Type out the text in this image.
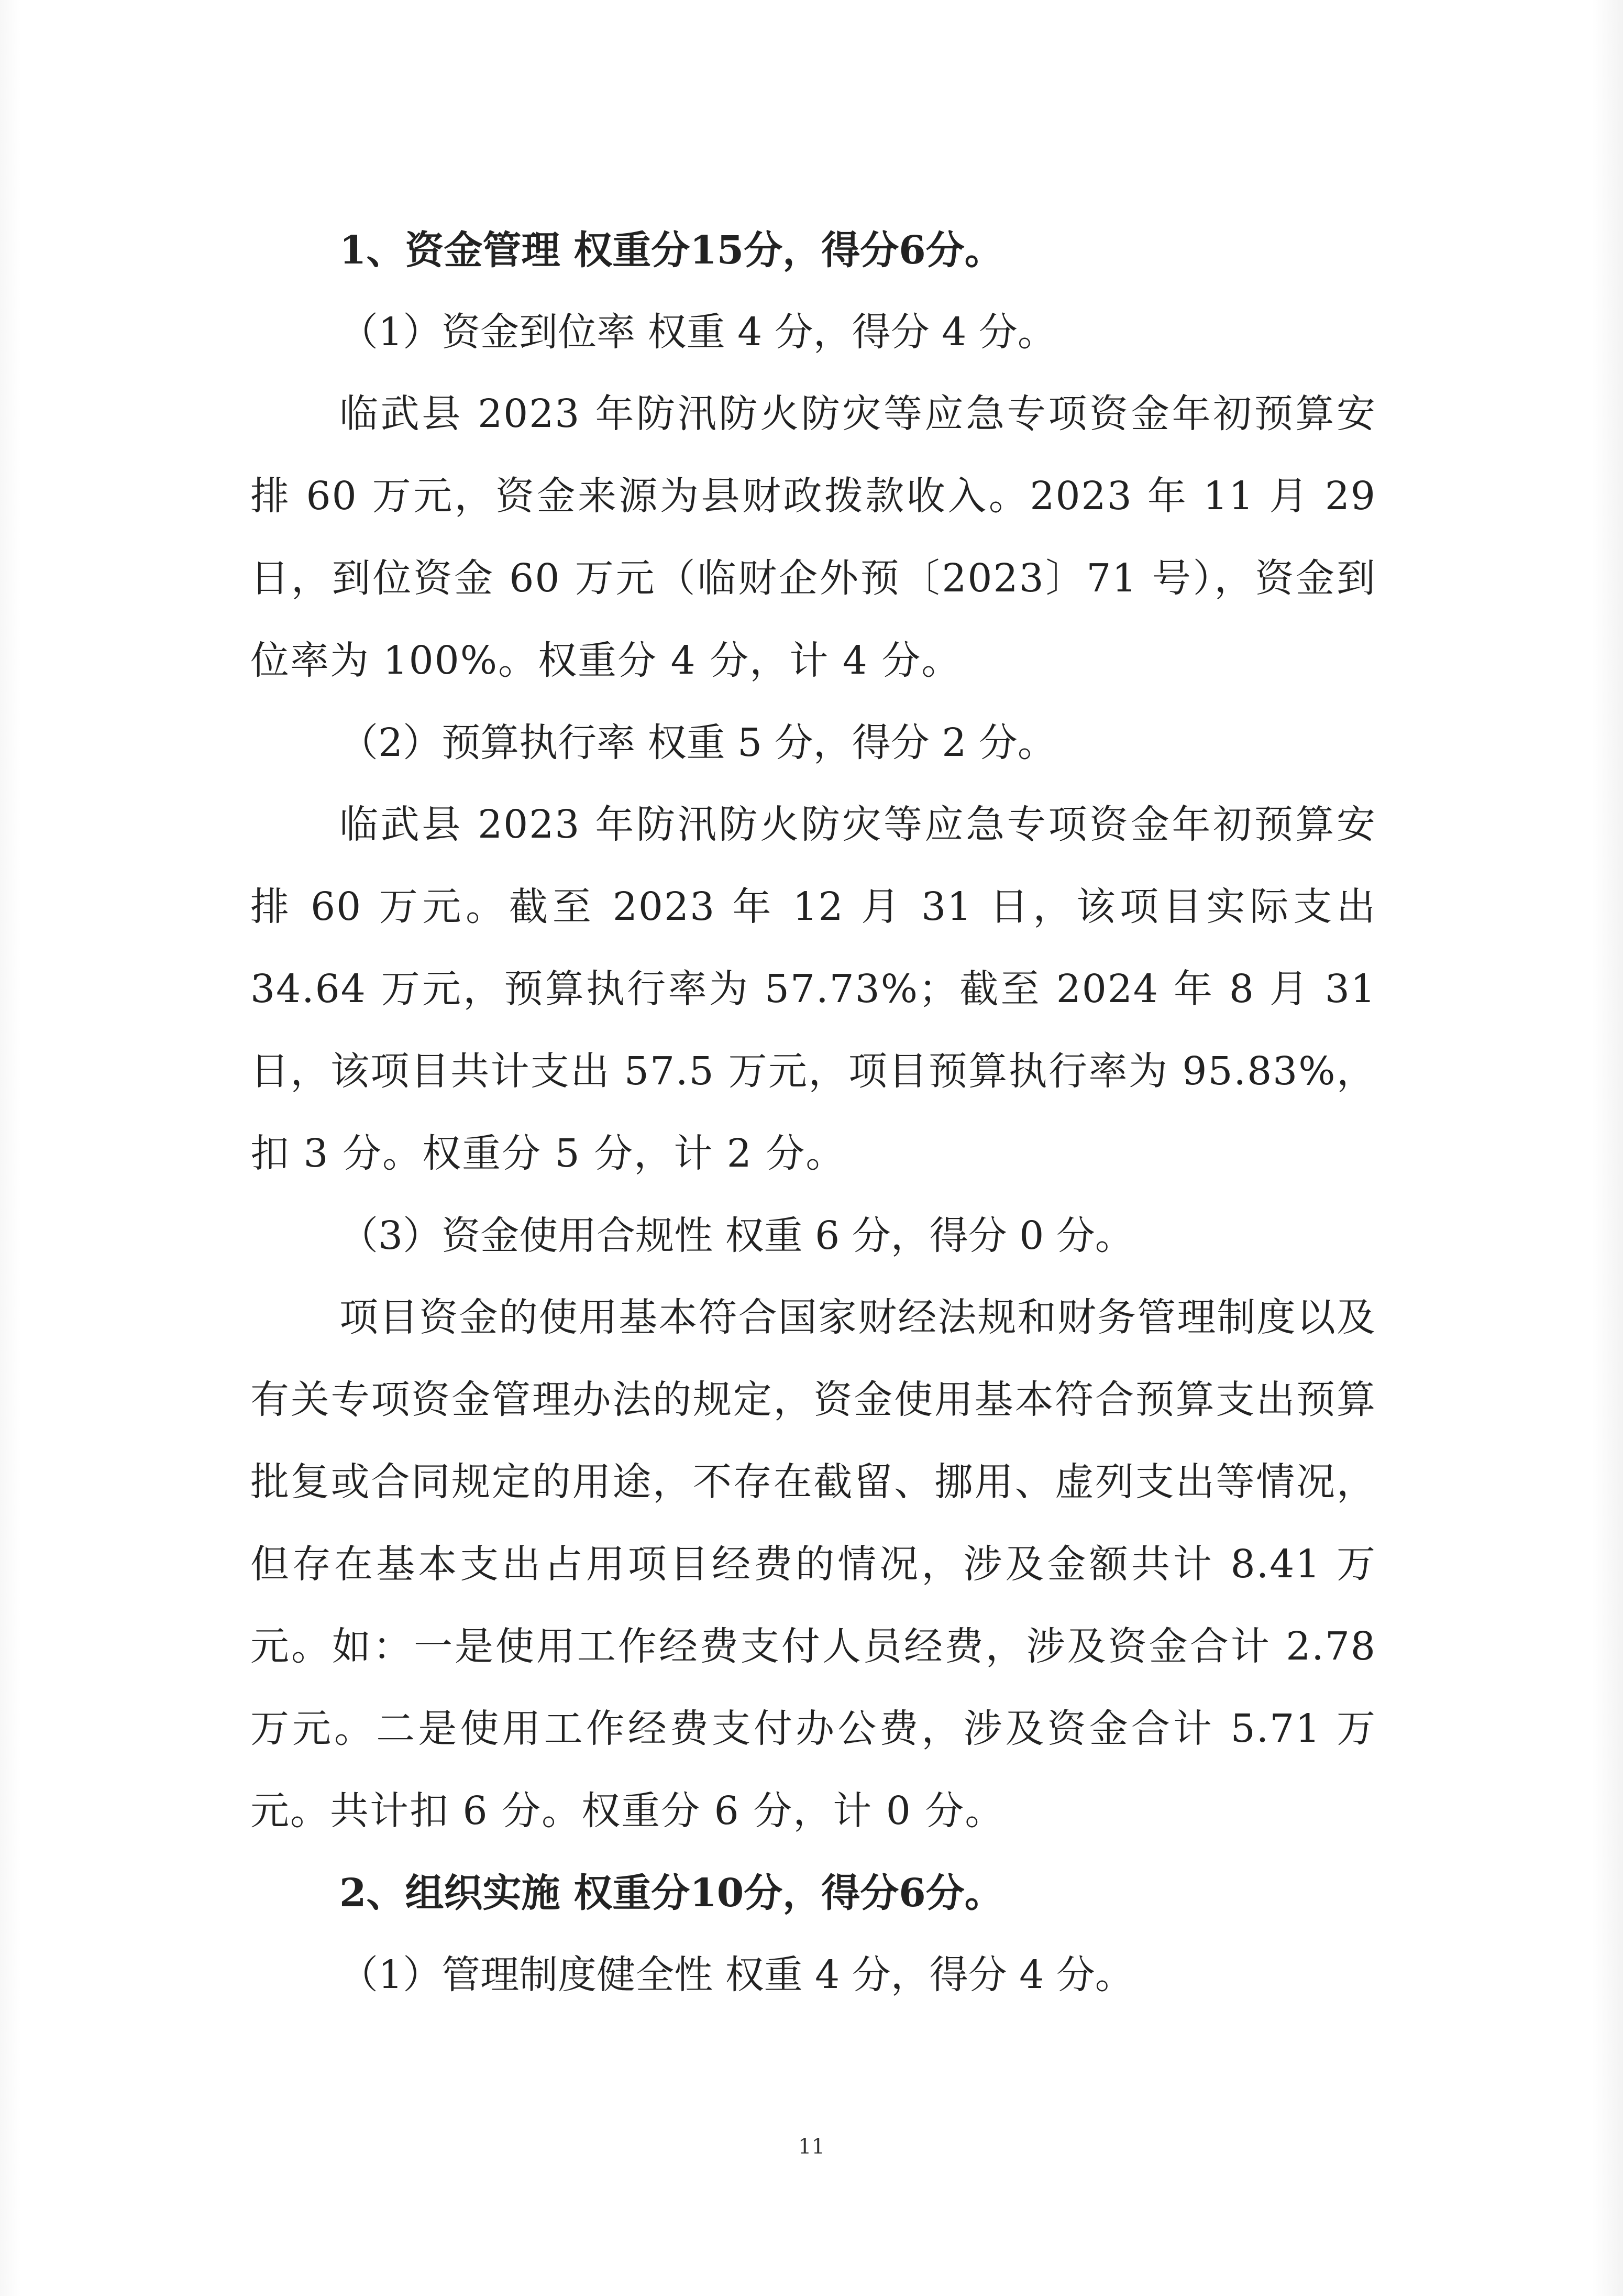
1、资金管理 权重分15分，得分6分。

（1）资金到位率 权重 4 分，得分 4 分。

临武县 2023 年防汛防火防灾等应急专项资金年初预算安排 60 万元，资金来源为县财政拨款收入。2023 年 11 月 29 日，到位资金 60 万元（临财企外预〔2023〕71 号），资金到位率为 100%。权重分 4 分，计 4 分。

（2）预算执行率 权重 5 分，得分 2 分。

临武县 2023 年防汛防火防灾等应急专项资金年初预算安排 60 万元。截至 2023 年 12 月 31 日，该项目实际支出 34.64 万元，预算执行率为 57.73%；截至 2024 年 8 月 31 日，该项目共计支出 57.5 万元，项目预算执行率为 95.83%，扣 3 分。权重分 5 分，计 2 分。

（3）资金使用合规性 权重 6 分，得分 0 分。

项目资金的使用基本符合国家财经法规和财务管理制度以及有关专项资金管理办法的规定，资金使用基本符合预算支出预算批复或合同规定的用途，不存在截留、挪用、虚列支出等情况，但存在基本支出占用项目经费的情况，涉及金额共计 8.41 万元。如：一是使用工作经费支付人员经费，涉及资金合计 2.78 万元。二是使用工作经费支付办公费，涉及资金合计 5.71 万元。共计扣 6 分。权重分 6 分，计 0 分。

2、组织实施 权重分10分，得分6分。

（1）管理制度健全性 权重 4 分，得分 4 分。

11
